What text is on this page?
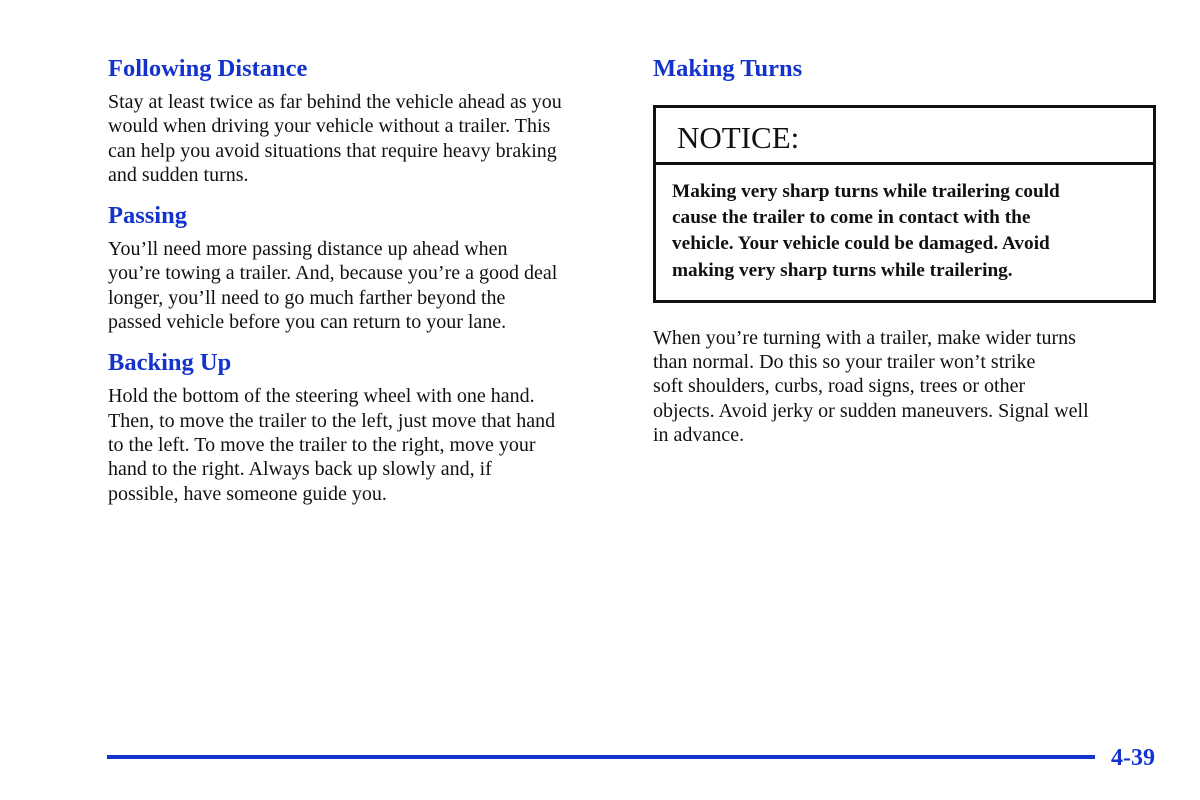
Following Distance

Stay at least twice as far behind the vehicle ahead as you
would when driving your vehicle without a trailer. This
can help you avoid situations that require heavy braking
and sudden turns.

Passing

You’ll need more passing distance up ahead when
you’re towing a trailer. And, because you’re a good deal
longer, you’ll need to go much farther beyond the
passed vehicle before you can return to your lane.

Backing Up

Hold the bottom of the steering wheel with one hand.
Then, to move the trailer to the left, just move that hand
to the left. To move the trailer to the right, move your
hand to the right. Always back up slowly and, if
possible, have someone guide you.

Making Turns
NOTICE:
Making very sharp turns while trailering could
cause the trailer to come in contact with the
vehicle. Your vehicle could be damaged. Avoid
making very sharp turns while trailering.

When you’re turning with a trailer, make wider turns
than normal. Do this so your trailer won’t strike
soft shoulders, curbs, road signs, trees or other
objects. Avoid jerky or sudden maneuvers. Signal well
in advance.

4-39
